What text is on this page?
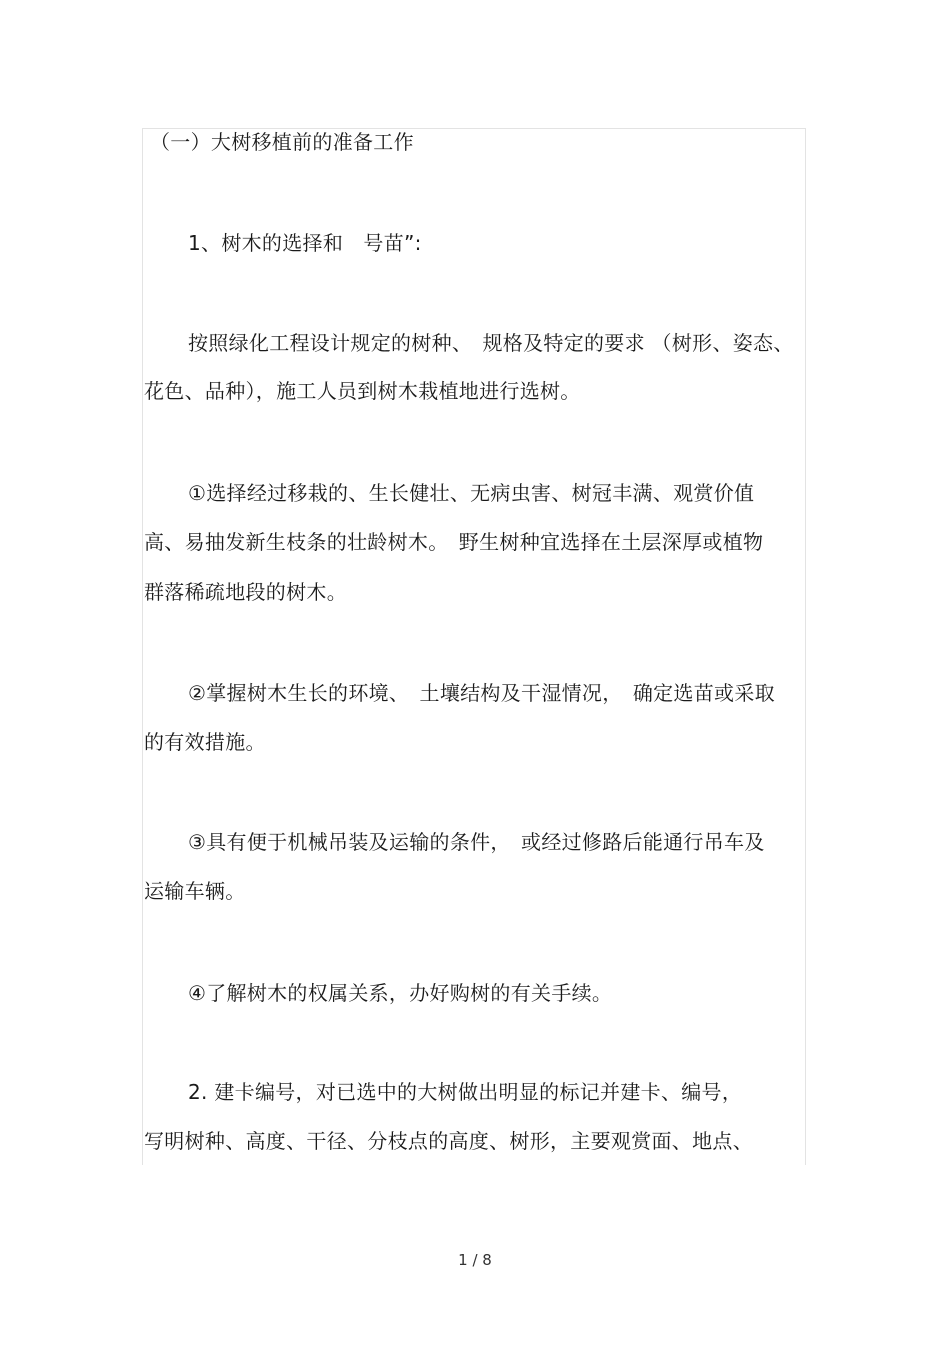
（一）大树移植前的准备工作
1、树木的选择和　号苗”:
按照绿化工程设计规定的树种、　规格及特定的要求 （树形、姿态、
花色、品种），施工人员到树木栽植地进行选树。
①选择经过移栽的、生长健壮、无病虫害、树冠丰满、观赏价值
高、易抽发新生枝条的壮龄树木。　野生树种宜选择在土层深厚或植物
群落稀疏地段的树木。
②掌握树木生长的环境、　土壤结构及干湿情况，　确定选苗或采取
的有效措施。
③具有便于机械吊装及运输的条件，　或经过修路后能通行吊车及
运输车辆。
④了解树木的权属关系，办好购树的有关手续。
2. 建卡编号，对已选中的大树做出明显的标记并建卡、编号，
写明树种、高度、干径、分枝点的高度、树形，主要观赏面、地点、
1 / 8
